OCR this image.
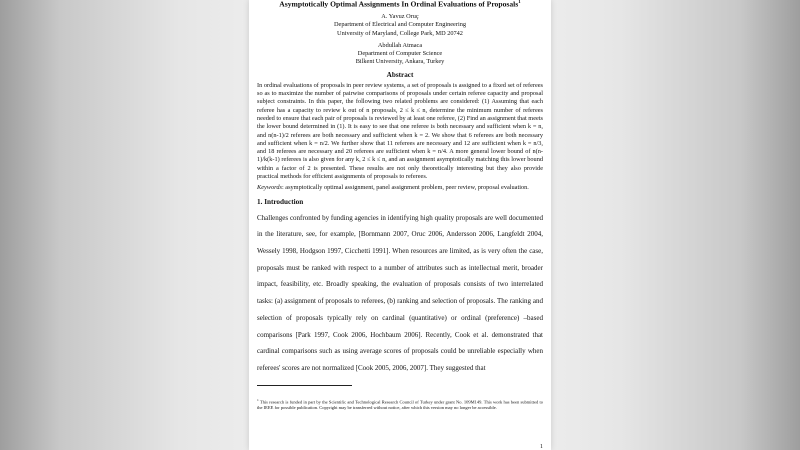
Asymptotically Optimal Assignments In Ordinal Evaluations of Proposals$^1$
A. Yavuz Oruç
Department of Electrical and Computer Engineering
University of Maryland, College Park, MD 20742
Abdullah Atmaca
Department of Computer Science
Bilkent University, Ankara, Turkey
Abstract
In ordinal evaluations of proposals in peer review systems, a set of proposals is assigned to a fixed set of referees so as to maximize the number of pairwise comparisons of proposals under certain referee capacity and proposal subject constraints. In this paper, the following two related problems are considered: (1) Assuming that each referee has a capacity to review k out of n proposals, 2 ≤ k ≤ n, determine the minimum number of referees needed to ensure that each pair of proposals is reviewed by at least one referee, (2) Find an assignment that meets the lower bound determined in (1). It is easy to see that one referee is both necessary and sufficient when k = n, and n(n-1)/2 referees are both necessary and sufficient when k = 2. We show that 6 referees are both necessary and sufficient when k = n/2. We further show that 11 referees are necessary and 12 are sufficient when k = n/3, and 18 referees are necessary and 20 referees are sufficient when k = n/4. A more general lower bound of n(n-1)/k(k-1) referees is also given for any k, 2 ≤ k ≤ n, and an assignment asymptotically matching this lower bound within a factor of 2 is presented. These results are not only theoretically interesting but they also provide practical methods for efficient assignments of proposals to referees.
Keywords: asymptotically optimal assignment, panel assignment problem, peer review, proposal evaluation.
1. Introduction
Challenges confronted by funding agencies in identifying high quality proposals are well documented in the literature, see, for example, [Bornmann 2007, Oruc 2006, Andersson 2006, Langfeldt 2004, Wessely 1998, Hodgson 1997, Cicchetti 1991]. When resources are limited, as is very often the case, proposals must be ranked with respect to a number of attributes such as intellectual merit, broader impact, feasibility, etc. Broadly speaking, the evaluation of proposals consists of two interrelated tasks: (a) assignment of proposals to referees, (b) ranking and selection of proposals. The ranking and selection of proposals typically rely on cardinal (quantitative) or ordinal (preference) –based comparisons [Park 1997, Cook 2006, Hochbaum 2006]. Recently, Cook et al. demonstrated that cardinal comparisons such as using average scores of proposals could be unreliable especially when referees' scores are not normalized [Cook 2005, 2006, 2007]. They suggested that
$^1$ This research is funded in part by the Scientific and Technological Research Council of Turkey under grant No. 109M149. This work has been submitted to the IEEE for possible publication. Copyright may be transferred without notice, after which this version may no longer be accessible.
1
